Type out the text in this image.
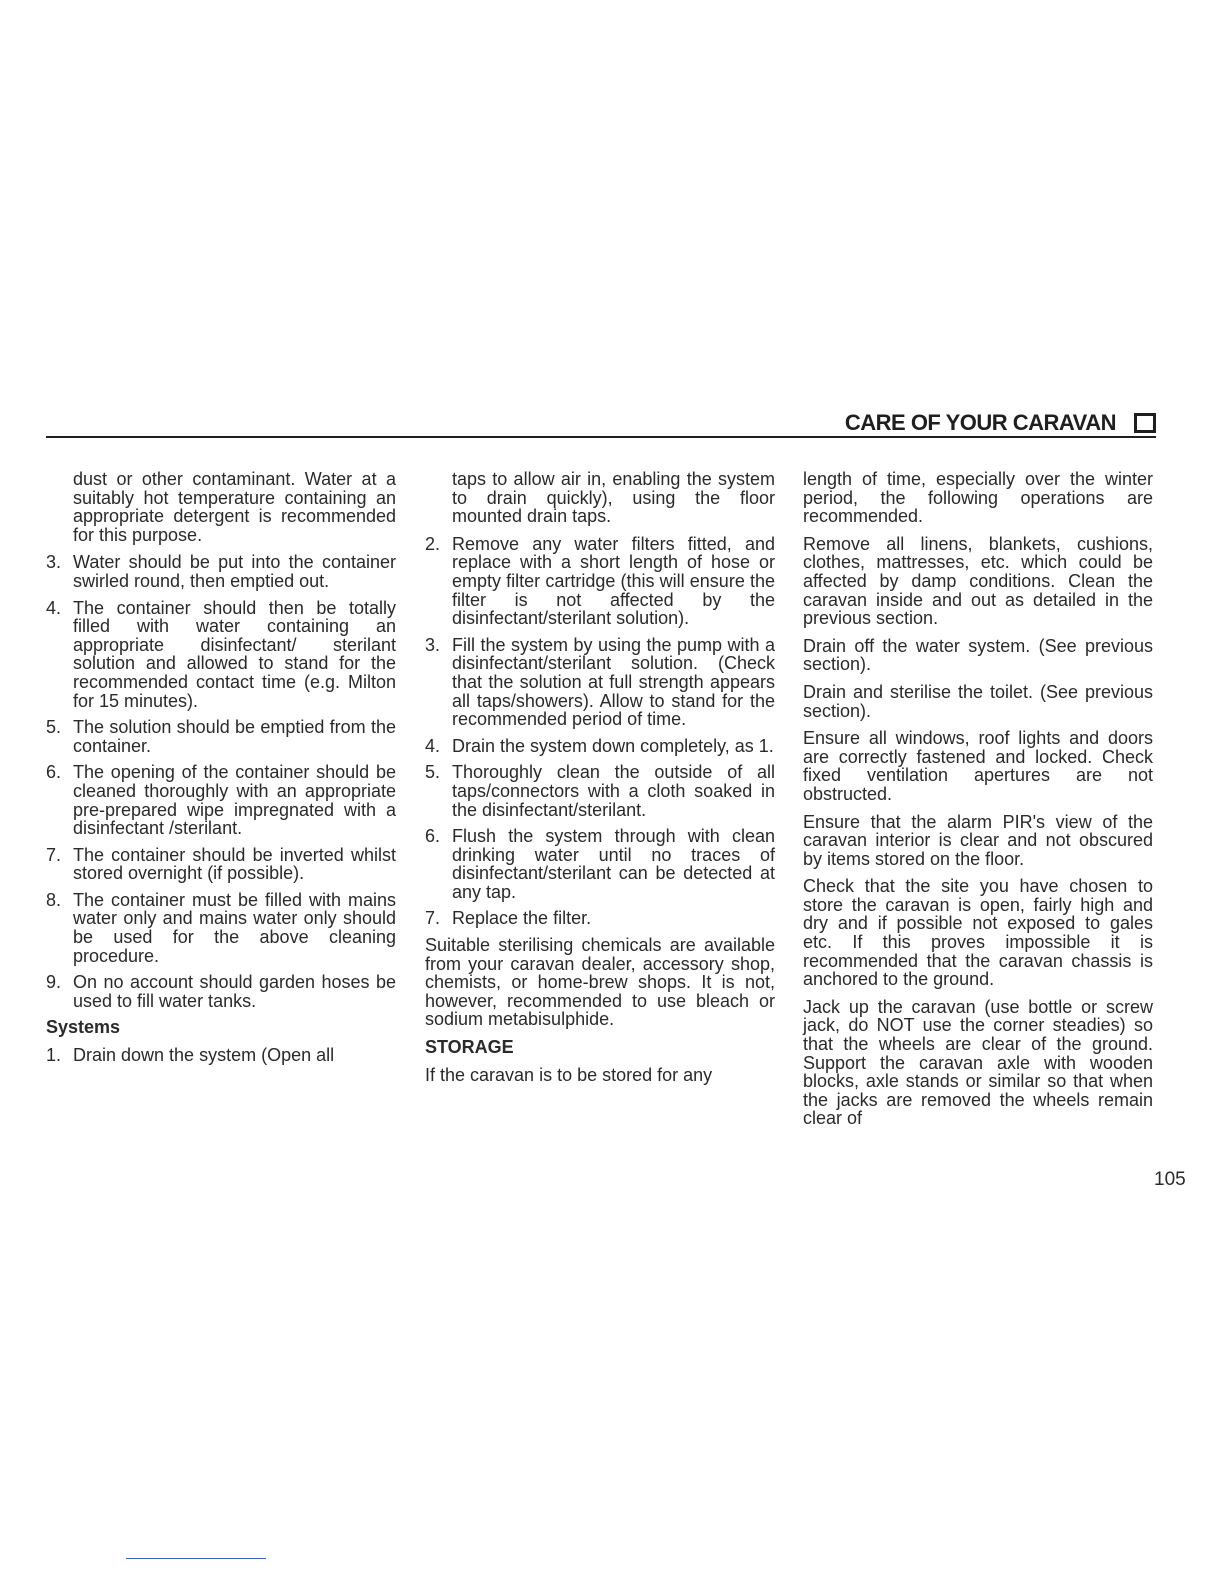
CARE OF YOUR CARAVAN

dust or other contaminant. Water at a suitably hot temperature containing an appropriate detergent is recommended for this purpose.

3. Water should be put into the container swirled round, then emptied out.
4. The container should then be totally filled with water containing an appropriate disinfectant/ sterilant solution and allowed to stand for the recommended contact time (e.g. Milton for 15 minutes).
5. The solution should be emptied from the container.
6. The opening of the container should be cleaned thoroughly with an appropriate pre-prepared wipe impregnated with a disinfectant /sterilant.
7. The container should be inverted whilst stored overnight (if possible).
8. The container must be filled with mains water only and mains water only should be used for the above cleaning procedure.
9. On no account should garden hoses be used to fill water tanks.
Systems
1. Drain down the system (Open all

taps to allow air in, enabling the system to drain quickly), using the floor mounted drain taps.

2. Remove any water filters fitted, and replace with a short length of hose or empty filter cartridge (this will ensure the filter is not affected by the disinfectant/sterilant solution).
3. Fill the system by using the pump with a disinfectant/sterilant solution. (Check that the solution at full strength appears all taps/showers). Allow to stand for the recommended period of time.
4. Drain the system down completely, as 1.
5. Thoroughly clean the outside of all taps/connectors with a cloth soaked in the disinfectant/sterilant.
6. Flush the system through with clean drinking water until no traces of disinfectant/sterilant can be detected at any tap.
7. Replace the filter.

Suitable sterilising chemicals are available from your caravan dealer, accessory shop, chemists, or home-brew shops. It is not, however, recommended to use bleach or sodium metabisulphide.

STORAGE

If the caravan is to be stored for any

length of time, especially over the winter period, the following operations are recommended.

Remove all linens, blankets, cushions, clothes, mattresses, etc. which could be affected by damp conditions. Clean the caravan inside and out as detailed in the previous section.

Drain off the water system. (See previous section).

Drain and sterilise the toilet. (See previous section).

Ensure all windows, roof lights and doors are correctly fastened and locked. Check fixed ventilation apertures are not obstructed.

Ensure that the alarm PIR's view of the caravan interior is clear and not obscured by items stored on the floor.

Check that the site you have chosen to store the caravan is open, fairly high and dry and if possible not exposed to gales etc. If this proves impossible it is recommended that the caravan chassis is anchored to the ground.

Jack up the caravan (use bottle or screw jack, do NOT use the corner steadies) so that the wheels are clear of the ground. Support the caravan axle with wooden blocks, axle stands or similar so that when the jacks are removed the wheels remain clear of

105
